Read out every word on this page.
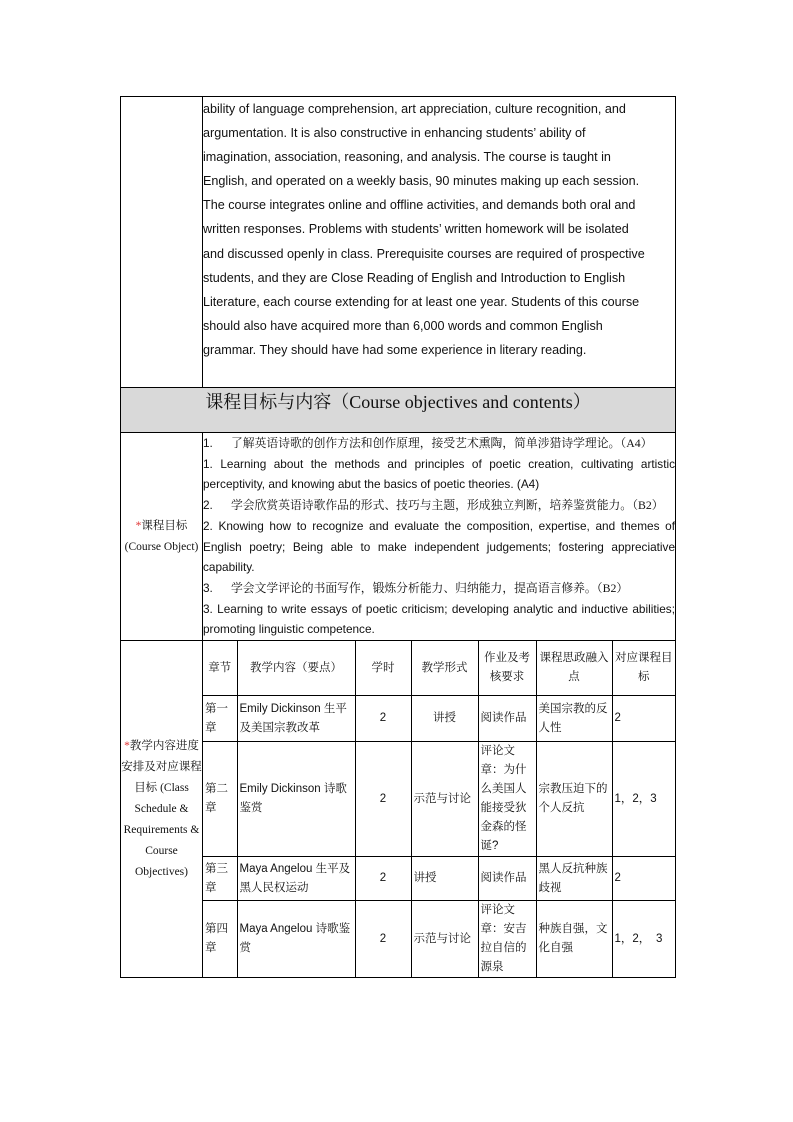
ability of language comprehension, art appreciation, culture recognition, and

argumentation. It is also constructive in enhancing students’ ability of

imagination, association, reasoning, and analysis. The course is taught in

English, and operated on a weekly basis, 90 minutes making up each session.

The course integrates online and offline activities, and demands both oral and

written responses. Problems with students’ written homework will be isolated

and discussed openly in class. Prerequisite courses are required of prospective

students, and they are Close Reading of English and Introduction to English

Literature, each course extending for at least one year. Students of this course

should also have acquired more than 6,000 words and common English

grammar. They should have had some experience in literary reading.

课程目标与内容（Course objectives and contents）
*课程目标
(Course Object)	
1. 了解英语诗歌的创作方法和创作原理，接受艺术熏陶，简单涉猎诗学理论。（A4）
1. Learning about the methods and principles of poetic creation, cultivating artistic perceptivity, and knowing abut the basics of poetic theories. (A4)
2. 学会欣赏英语诗歌作品的形式、技巧与主题，形成独立判断，培养鉴赏能力。（B2）
2. Knowing how to recognize and evaluate the composition, expertise, and themes of English poetry; Being able to make independent judgements; fostering appreciative capability.
3. 学会文学评论的书面写作，锻炼分析能力、归纳能力，提高语言修养。（B2）
3. Learning to write essays of poetic criticism; developing analytic and inductive abilities; promoting linguistic competence.

*教学内容进度安排及对应课程目标 (Class Schedule & Requirements & Course Objectives)	
章节	教学内容（要点）	学时	教学形式	作业及考核要求	课程思政融入点	对应课程目标
第一章	Emily Dickinson 生平及美国宗教改革	2	讲授	阅读作品	美国宗教的反人性	2
第二章	Emily Dickinson 诗歌鉴赏	2	示范与讨论	评论文章：为什么美国人能接受狄金森的怪诞?	宗教压迫下的个人反抗	1，2，3
第三章	Maya Angelou 生平及黑人民权运动	2	讲授	阅读作品	黑人反抗种族歧视	2
第四章	Maya Angelou 诗歌鉴赏	2	示范与讨论	评论文章：安吉拉自信的源泉	种族自强，文化自强	1，2，　3
